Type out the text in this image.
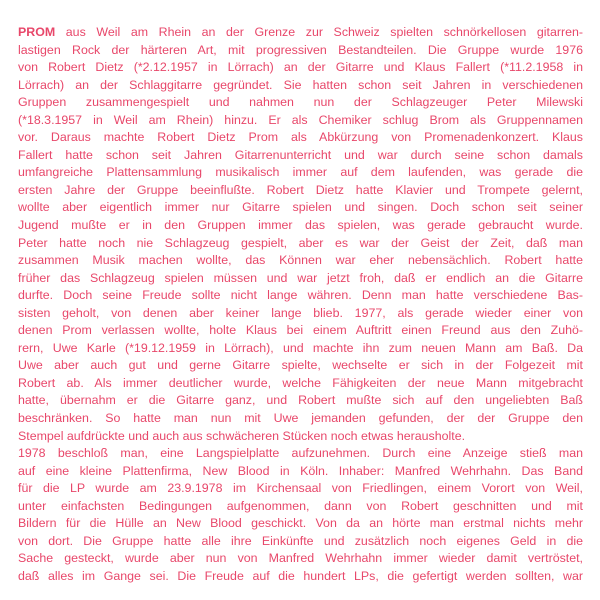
PROM aus Weil am Rhein an der Grenze zur Schweiz spielten schnörkellosen gitarren-
lastigen Rock der härteren Art, mit progressiven Bestandteilen. Die Gruppe wurde 1976
von Robert Dietz (*2.12.1957 in Lörrach) an der Gitarre und Klaus Fallert (*11.2.1958 in
Lörrach) an der Schlaggitarre gegründet. Sie hatten schon seit Jahren in verschiedenen
Gruppen zusammengespielt und nahmen nun der Schlagzeuger Peter Milewski
(*18.3.1957 in Weil am Rhein) hinzu. Er als Chemiker schlug Brom als Gruppennamen
vor. Daraus machte Robert Dietz Prom als Abkürzung von Promenadenkonzert. Klaus
Fallert hatte schon seit Jahren Gitarrenunterricht und war durch seine schon damals
umfangreiche Plattensammlung musikalisch immer auf dem laufenden, was gerade die
ersten Jahre der Gruppe beeinflußte. Robert Dietz hatte Klavier und Trompete gelernt,
wollte aber eigentlich immer nur Gitarre spielen und singen. Doch schon seit seiner
Jugend mußte er in den Gruppen immer das spielen, was gerade gebraucht wurde.
Peter hatte noch nie Schlagzeug gespielt, aber es war der Geist der Zeit, daß man
zusammen Musik machen wollte, das Können war eher nebensächlich. Robert hatte
früher das Schlagzeug spielen müssen und war jetzt froh, daß er endlich an die Gitarre
durfte. Doch seine Freude sollte nicht lange währen. Denn man hatte verschiedene Bas-
sisten geholt, von denen aber keiner lange blieb. 1977, als gerade wieder einer von
denen Prom verlassen wollte, holte Klaus bei einem Auftritt einen Freund aus den Zuhö-
rern, Uwe Karle (*19.12.1959 in Lörrach), und machte ihn zum neuen Mann am Baß. Da
Uwe aber auch gut und gerne Gitarre spielte, wechselte er sich in der Folgezeit mit
Robert ab. Als immer deutlicher wurde, welche Fähigkeiten der neue Mann mitgebracht
hatte, übernahm er die Gitarre ganz, und Robert mußte sich auf den ungeliebten Baß
beschränken. So hatte man nun mit Uwe jemanden gefunden, der der Gruppe den
Stempel aufdrückte und auch aus schwächeren Stücken noch etwas herausholte.
1978 beschloß man, eine Langspielplatte aufzunehmen. Durch eine Anzeige stieß man
auf eine kleine Plattenfirma, New Blood in Köln. Inhaber: Manfred Wehrhahn. Das Band
für die LP wurde am 23.9.1978 im Kirchensaal von Friedlingen, einem Vorort von Weil,
unter einfachsten Bedingungen aufgenommen, dann von Robert geschnitten und mit
Bildern für die Hülle an New Blood geschickt. Von da an hörte man erstmal nichts mehr
von dort. Die Gruppe hatte alle ihre Einkünfte und zusätzlich noch eigenes Geld in die
Sache gesteckt, wurde aber nun von Manfred Wehrhahn immer wieder damit vertröstet,
daß alles im Gange sei. Die Freude auf die hundert LPs, die gefertigt werden sollten, war
